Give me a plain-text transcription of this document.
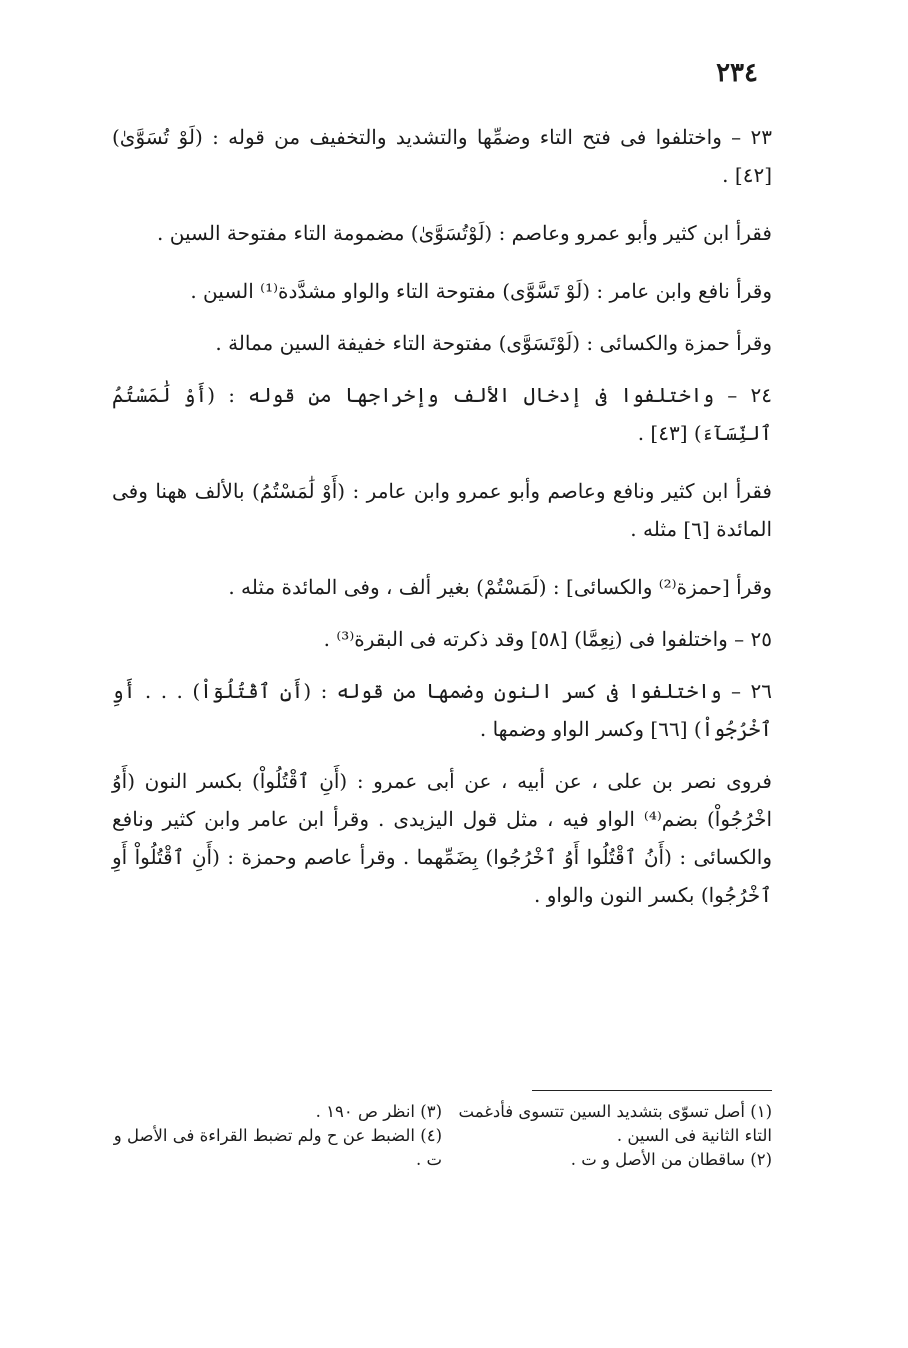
٢٣٤

٢٣ – واختلفوا فى فتح التاء وضمِّها والتشديد والتخفيف من قوله : (لَوْ تُسَوَّىٰ) [٤٢] .

فقرأ ابن كثير وأبو عمرو وعاصم : (لَوْتُسَوَّىٰ) مضمومة التاء مفتوحة السين .

وقرأ نافع وابن عامر : (لَوْ تَسَّوَّى) مفتوحة التاء والواو مشدَّدة⁽¹⁾ السين .

وقرأ حمزة والكسائى : (لَوْتَسَوَّى) مفتوحة التاء خفيفة السين ممالة .

٢٤ – واختلفوا فى إدخال الألف وإخراجها من قوله : (أَوْ لَٰمَسْتُمُ ٱلنِّسَآءَ) [٤٣] .

فقرأ ابن كثير ونافع وعاصم وأبو عمرو وابن عامر : (أَوْ لَٰمَسْتُمُ) بالألف ههنا وفى المائدة [٦] مثله .

وقرأ [حمزة⁽²⁾ والكسائى] : (لَمَسْتُمْ) بغير ألف ، وفى المائدة مثله .

٢٥ – واختلفوا فى (نِعِمَّا) [٥٨] وقد ذكرته فى البقرة⁽³⁾ .

٢٦ – واختلفوا فى كسر النون وضمها من قوله : (أَنِ ٱقْتُلُوٓاْ) . . . أَوِ ٱخْرُجُواْ) [٦٦] وكسر الواو وضمها .

فروى نصر بن على ، عن أبيه ، عن أبى عمرو : (أَنِ ٱقْتُلُواْ) بكسر النون (أَوُ اخْرُجُواْ) بضم⁽⁴⁾ الواو فيه ، مثل قول اليزيدى . وقرأ ابن عامر وابن كثير ونافع والكسائى : (أَنُ ٱقْتُلُوا أَوُ ٱخْرُجُوا) بِضَمِّهما . وقرأ عاصم وحمزة : (أَنِ ٱقْتُلُواْ أَوِ ٱخْرُجُوا) بكسر النون والواو .

(١) أصل تسوّى بتشديد السين تتسوى فأدغمت التاء الثانية فى السين .

(٢) ساقطان من الأصل و ت .

(٣) انظر ص ١٩٠ .

(٤) الضبط عن ح ولم تضبط القراءة فى الأصل و ت .
